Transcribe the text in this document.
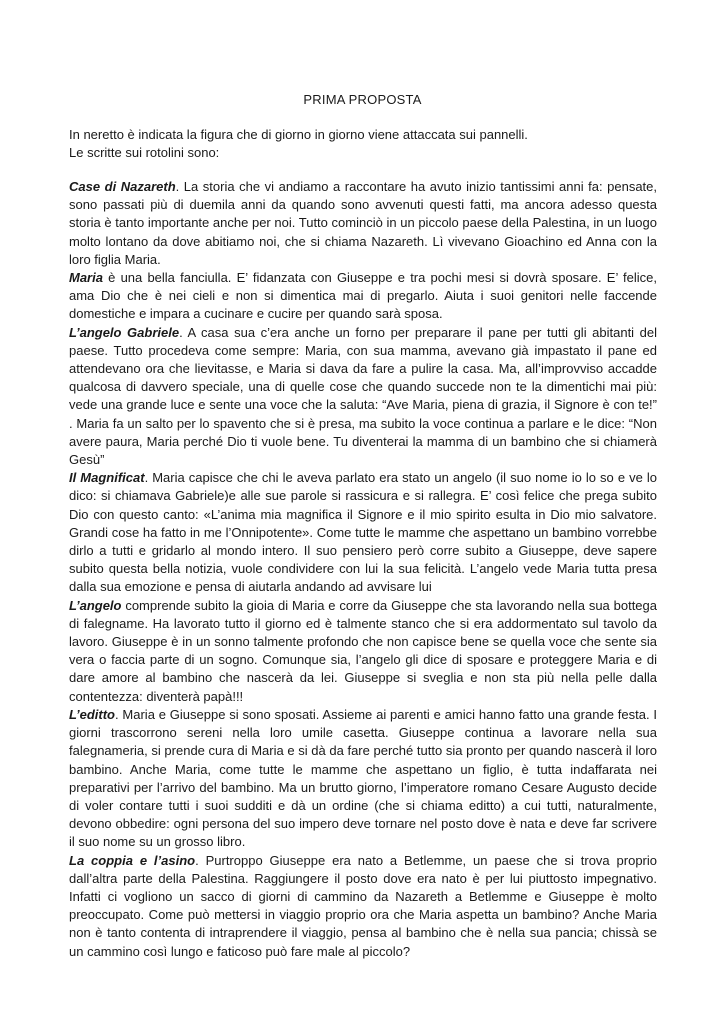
PRIMA PROPOSTA

In neretto è indicata la figura che di giorno in giorno viene attaccata sui pannelli.

Le scritte sui rotolini sono:

Case di Nazareth. La storia che vi andiamo a raccontare ha avuto inizio tantissimi anni fa: pensate, sono passati più di duemila anni da quando sono avvenuti questi fatti, ma ancora adesso questa storia è tanto importante anche per noi. Tutto cominciò in un piccolo paese della Palestina, in un luogo molto lontano da dove abitiamo noi, che si chiama Nazareth. Lì vivevano Gioachino ed Anna con la loro figlia Maria.

Maria è una bella fanciulla. E’ fidanzata con Giuseppe e tra pochi mesi si dovrà sposare. E’ felice, ama Dio che è nei cieli e non si dimentica mai di pregarlo. Aiuta i suoi genitori nelle faccende domestiche e impara a cucinare e cucire per quando sarà sposa.

L’angelo Gabriele. A casa sua c’era anche un forno per preparare il pane per tutti gli abitanti del paese. Tutto procedeva come sempre: Maria, con sua mamma, avevano già impastato il pane ed attendevano ora che lievitasse, e Maria si dava da fare a pulire la casa. Ma, all’improvviso accadde qualcosa di davvero speciale, una di quelle cose che quando succede non te la dimentichi mai più: vede una grande luce e sente una voce che la saluta: “Ave Maria, piena di grazia, il Signore è con te!” . Maria fa un salto per lo spavento che si è presa, ma subito la voce continua a parlare e le dice: “Non avere paura, Maria perché Dio ti vuole bene. Tu diventerai la mamma di un bambino che si chiamerà Gesù”

Il Magnificat. Maria capisce che chi le aveva parlato era stato un angelo (il suo nome io lo so e ve lo dico: si chiamava Gabriele)e alle sue parole si rassicura e si rallegra. E’ così felice che prega subito Dio con questo canto: «L’anima mia magnifica il Signore e il mio spirito esulta in Dio mio salvatore. Grandi cose ha fatto in me l’Onnipotente». Come tutte le mamme che aspettano un bambino vorrebbe dirlo a tutti e gridarlo al mondo intero. Il suo pensiero però corre subito a Giuseppe, deve sapere subito questa bella notizia, vuole condividere con lui la sua felicità. L’angelo vede Maria tutta presa dalla sua emozione e pensa di aiutarla andando ad avvisare lui

L’angelo comprende subito la gioia di Maria e corre da Giuseppe che sta lavorando nella sua bottega di falegname. Ha lavorato tutto il giorno ed è talmente stanco che si era addormentato sul tavolo da lavoro. Giuseppe è in un sonno talmente profondo che non capisce bene se quella voce che sente sia vera o faccia parte di un sogno. Comunque sia, l’angelo gli dice di sposare e proteggere Maria e di dare amore al bambino che nascerà da lei. Giuseppe si sveglia e non sta più nella pelle dalla contentezza: diventerà papà!!!

L’editto. Maria e Giuseppe si sono sposati. Assieme ai parenti e amici hanno fatto una grande festa. I giorni trascorrono sereni nella loro umile casetta. Giuseppe continua a lavorare nella sua falegnameria, si prende cura di Maria e si dà da fare perché tutto sia pronto per quando nascerà il loro bambino. Anche Maria, come tutte le mamme che aspettano un figlio, è tutta indaffarata nei preparativi per l’arrivo del bambino. Ma un brutto giorno, l’imperatore romano Cesare Augusto decide di voler contare tutti i suoi sudditi e dà un ordine (che si chiama editto) a cui tutti, naturalmente, devono obbedire: ogni persona del suo impero deve tornare nel posto dove è nata e deve far scrivere il suo nome su un grosso libro.

La coppia e l’asino. Purtroppo Giuseppe era nato a Betlemme, un paese che si trova proprio dall’altra parte della Palestina. Raggiungere il posto dove era nato è per lui piuttosto impegnativo. Infatti ci vogliono un sacco di giorni di cammino da Nazareth a Betlemme e Giuseppe è molto preoccupato. Come può mettersi in viaggio proprio ora che Maria aspetta un bambino? Anche Maria non è tanto contenta di intraprendere il viaggio, pensa al bambino che è nella sua pancia; chissà se un cammino così lungo e faticoso può fare male al piccolo?
